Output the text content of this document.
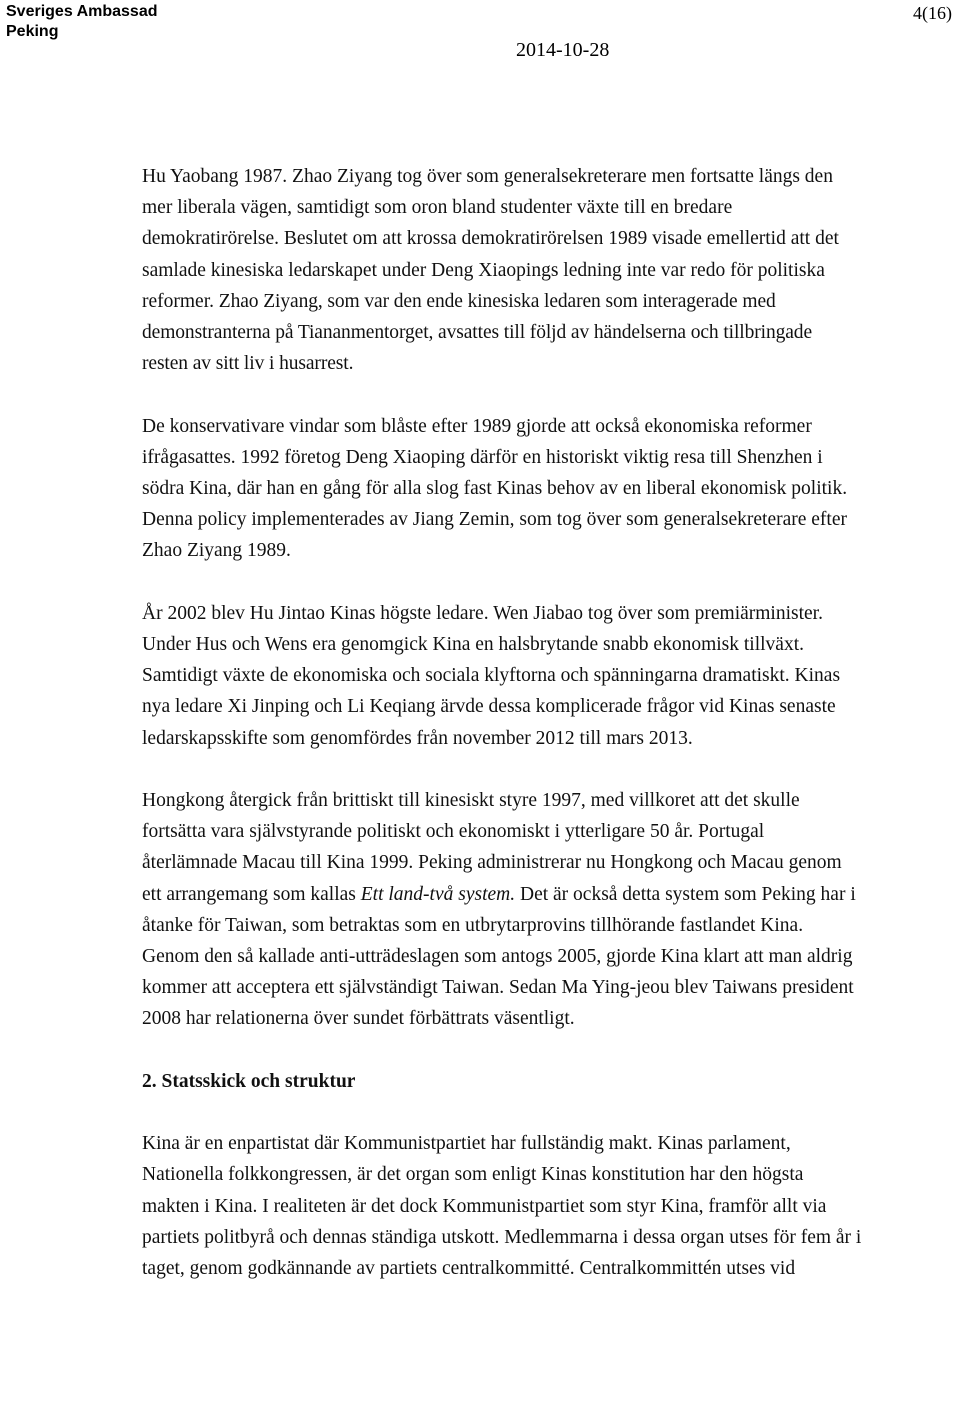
Sveriges Ambassad
Peking
4(16)
2014-10-28

Hu Yaobang 1987. Zhao Ziyang tog över som generalsekreterare men fortsatte längs den mer liberala vägen, samtidigt som oron bland studenter växte till en bredare demokratirörelse. Beslutet om att krossa demokratirörelsen 1989 visade emellertid att det samlade kinesiska ledarskapet under Deng Xiaopings ledning inte var redo för politiska reformer. Zhao Ziyang, som var den ende kinesiska ledaren som interagerade med demonstranterna på Tiananmentorget, avsattes till följd av händelserna och tillbringade resten av sitt liv i husarrest.

De konservativare vindar som blåste efter 1989 gjorde att också ekonomiska reformer ifrågasattes. 1992 företog Deng Xiaoping därför en historiskt viktig resa till Shenzhen i södra Kina, där han en gång för alla slog fast Kinas behov av en liberal ekonomisk politik. Denna policy implementerades av Jiang Zemin, som tog över som generalsekreterare efter Zhao Ziyang 1989.

År 2002 blev Hu Jintao Kinas högste ledare. Wen Jiabao tog över som premiärminister. Under Hus och Wens era genomgick Kina en halsbrytande snabb ekonomisk tillväxt. Samtidigt växte de ekonomiska och sociala klyftorna och spänningarna dramatiskt. Kinas nya ledare Xi Jinping och Li Keqiang ärvde dessa komplicerade frågor vid Kinas senaste ledarskapsskifte som genomfördes från november 2012 till mars 2013.

Hongkong återgick från brittiskt till kinesiskt styre 1997, med villkoret att det skulle fortsätta vara självstyrande politiskt och ekonomiskt i ytterligare 50 år. Portugal återlämnade Macau till Kina 1999. Peking administrerar nu Hongkong och Macau genom ett arrangemang som kallas Ett land-två system. Det är också detta system som Peking har i åtanke för Taiwan, som betraktas som en utbrytarprovins tillhörande fastlandet Kina. Genom den så kallade anti-utträdeslagen som antogs 2005, gjorde Kina klart att man aldrig kommer att acceptera ett självständigt Taiwan. Sedan Ma Ying-jeou blev Taiwans president 2008 har relationerna över sundet förbättrats väsentligt.

2. Statsskick och struktur

Kina är en enpartistat där Kommunistpartiet har fullständig makt. Kinas parlament, Nationella folkkongressen, är det organ som enligt Kinas konstitution har den högsta makten i Kina. I realiteten är det dock Kommunistpartiet som styr Kina, framför allt via partiets politbyrå och dennas ständiga utskott. Medlemmarna i dessa organ utses för fem år i taget, genom godkännande av partiets centralkommitté. Centralkommittén utses vid
